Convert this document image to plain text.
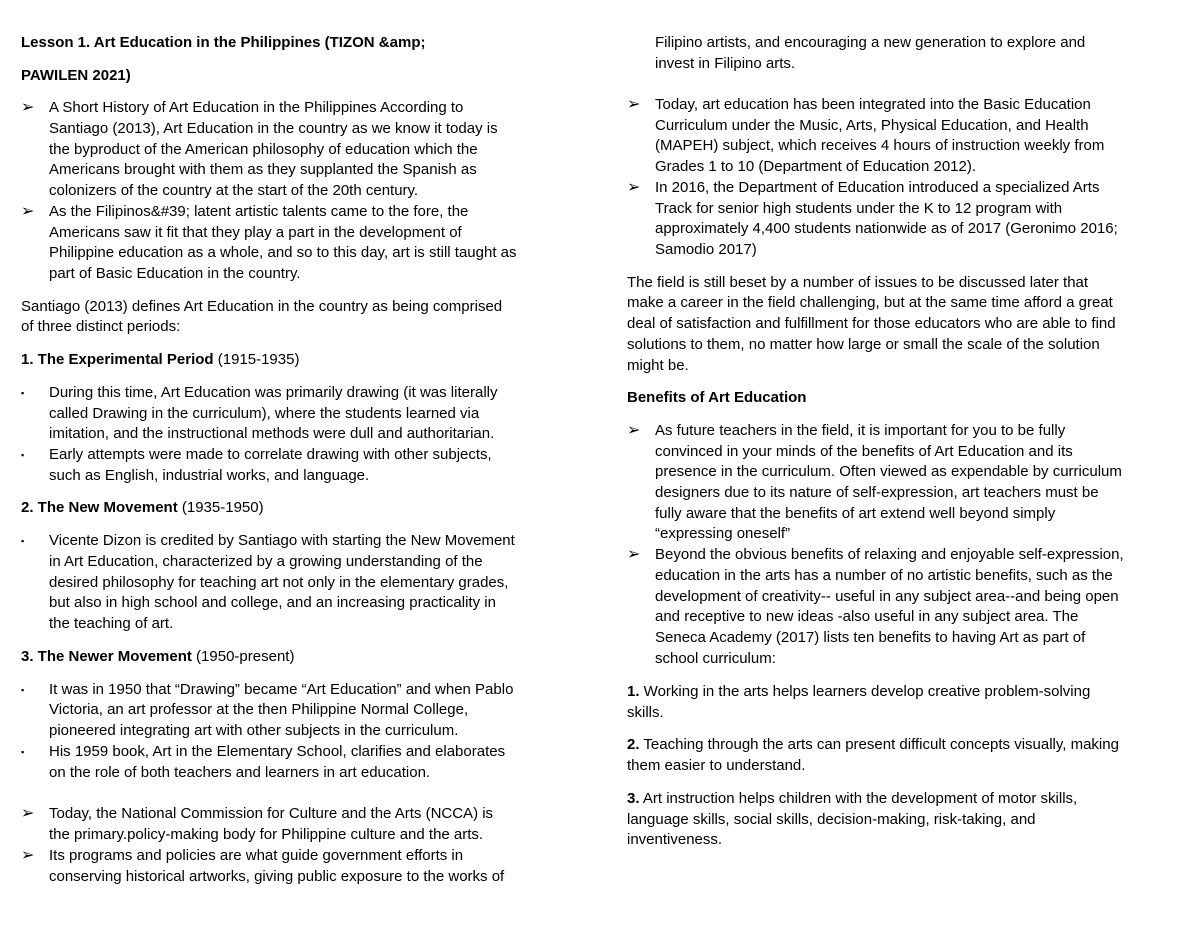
Lesson 1. Art Education in the Philippines (TIZON &amp;
PAWILEN 2021)
➢ A Short History of Art Education in the Philippines According to
Santiago (2013), Art Education in the country as we know it today is
the byproduct of the American philosophy of education which the
Americans brought with them as they supplanted the Spanish as
colonizers of the country at the start of the 20th century.
➢ As the Filipinos&#39; latent artistic talents came to the fore, the
Americans saw it fit that they play a part in the development of
Philippine education as a whole, and so to this day, art is still taught as
part of Basic Education in the country.
Santiago (2013) defines Art Education in the country as being comprised
of three distinct periods:
1. The Experimental Period (1915-1935)
▪	During this time, Art Education was primarily drawing (it was literally
called Drawing in the curriculum), where the students learned via
imitation, and the instructional methods were dull and authoritarian.
▪	Early attempts were made to correlate drawing with other subjects,
such as English, industrial works, and language.
2. The New Movement (1935-1950)
▪	Vicente Dizon is credited by Santiago with starting the New Movement
in Art Education, characterized by a growing understanding of the
desired philosophy for teaching art not only in the elementary grades,
but also in high school and college, and an increasing practicality in
the teaching of art.
3. The Newer Movement (1950-present)
▪	It was in 1950 that “Drawing” became “Art Education” and when Pablo
Victoria, an art professor at the then Philippine Normal College,
pioneered integrating art with other subjects in the curriculum.
▪	His 1959 book, Art in the Elementary School, clarifies and elaborates
on the role of both teachers and learners in art education.
➢ Today, the National Commission for Culture and the Arts (NCCA) is
the primary.policy-making body for Philippine culture and the arts.
➢ Its programs and policies are what guide government efforts in
conserving historical artworks, giving public exposure to the works of
Filipino artists, and encouraging a new generation to explore and
invest in Filipino arts.
➢ Today, art education has been integrated into the Basic Education
Curriculum under the Music, Arts, Physical Education, and Health
(MAPEH) subject, which receives 4 hours of instruction weekly from
Grades 1 to 10 (Department of Education 2012).
➢ In 2016, the Department of Education introduced a specialized Arts
Track for senior high students under the K to 12 program with
approximately 4,400 students nationwide as of 2017 (Geronimo 2016;
Samodio 2017)
The field is still beset by a number of issues to be discussed later that
make a career in the field challenging, but at the same time afford a great
deal of satisfaction and fulfillment for those educators who are able to find
solutions to them, no matter how large or small the scale of the solution
might be.
Benefits of Art Education
➢ As future teachers in the field, it is important for you to be fully
convinced in your minds of the benefits of Art Education and its
presence in the curriculum. Often viewed as expendable by curriculum
designers due to its nature of self-expression, art teachers must be
fully aware that the benefits of art extend well beyond simply
“expressing oneself”
➢ Beyond the obvious benefits of relaxing and enjoyable self-expression,
education in the arts has a number of no artistic benefits, such as the
development of creativity-- useful in any subject area--and being open
and receptive to new ideas -also useful in any subject area. The
Seneca Academy (2017) lists ten benefits to having Art as part of
school curriculum:
1. Working in the arts helps learners develop creative problem-solving
skills.
2. Teaching through the arts can present difficult concepts visually, making
them easier to understand.
3. Art instruction helps children with the development of motor skills,
language skills, social skills, decision-making, risk-taking, and
inventiveness.
